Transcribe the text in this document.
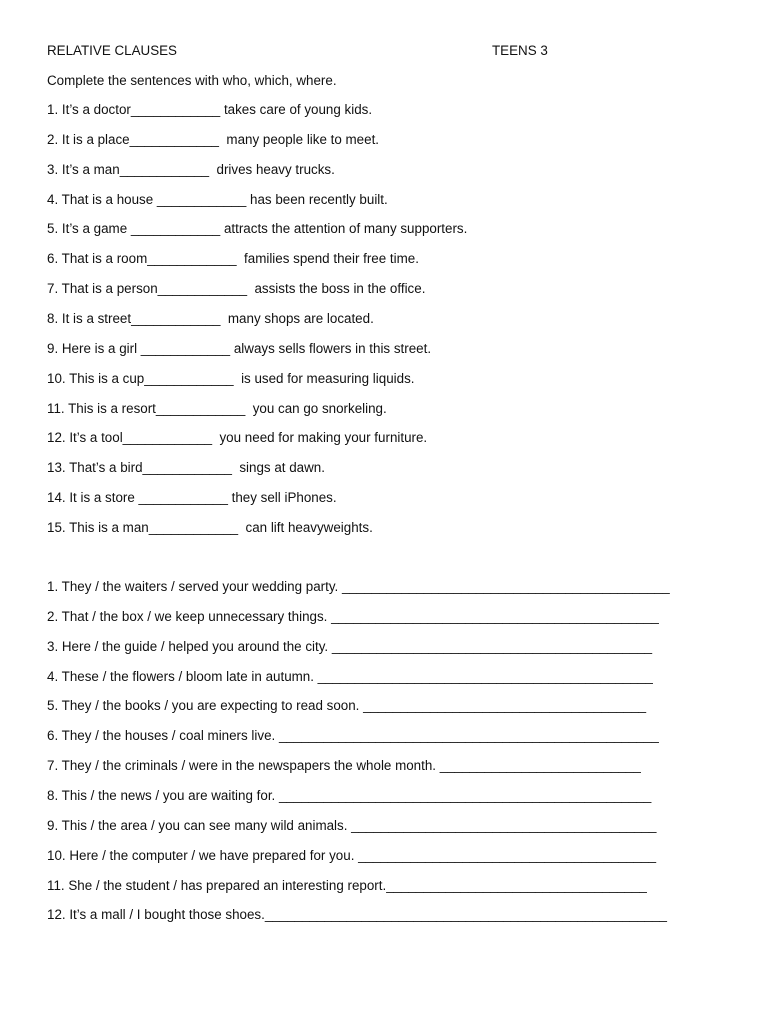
RELATIVE CLAUSES	TEENS 3
Complete the sentences with who, which, where.
1. It’s a doctor____________ takes care of young kids.
2. It is a place____________  many people like to meet.
3. It’s a man____________  drives heavy trucks.
4. That is a house ____________ has been recently built.
5. It’s a game ____________ attracts the attention of many supporters.
6. That is a room____________  families spend their free time.
7. That is a person____________  assists the boss in the office.
8. It is a street____________  many shops are located.
9. Here is a girl ____________ always sells flowers in this street.
10. This is a cup____________  is used for measuring liquids.
11. This is a resort____________  you can go snorkeling.
12. It’s a tool____________  you need for making your furniture.
13. That’s a bird____________  sings at dawn.
14. It is a store ____________ they sell iPhones.
15. This is a man____________  can lift heavyweights.
1. They / the waiters / served your wedding party. ____________________________________________
2. That / the box / we keep unnecessary things. ____________________________________________
3. Here / the guide / helped you around the city. ___________________________________________
4. These / the flowers / bloom late in autumn. _____________________________________________
5. They / the books / you are expecting to read soon. ______________________________________
6. They / the houses / coal miners live. ___________________________________________________
7. They / the criminals / were in the newspapers the whole month. ___________________________
8. This / the news / you are waiting for. __________________________________________________
9. This / the area / you can see many wild animals. _________________________________________
10. Here / the computer / we have prepared for you. ________________________________________
11. She / the student / has prepared an interesting report.___________________________________
12. It’s a mall / I bought those shoes.______________________________________________________
